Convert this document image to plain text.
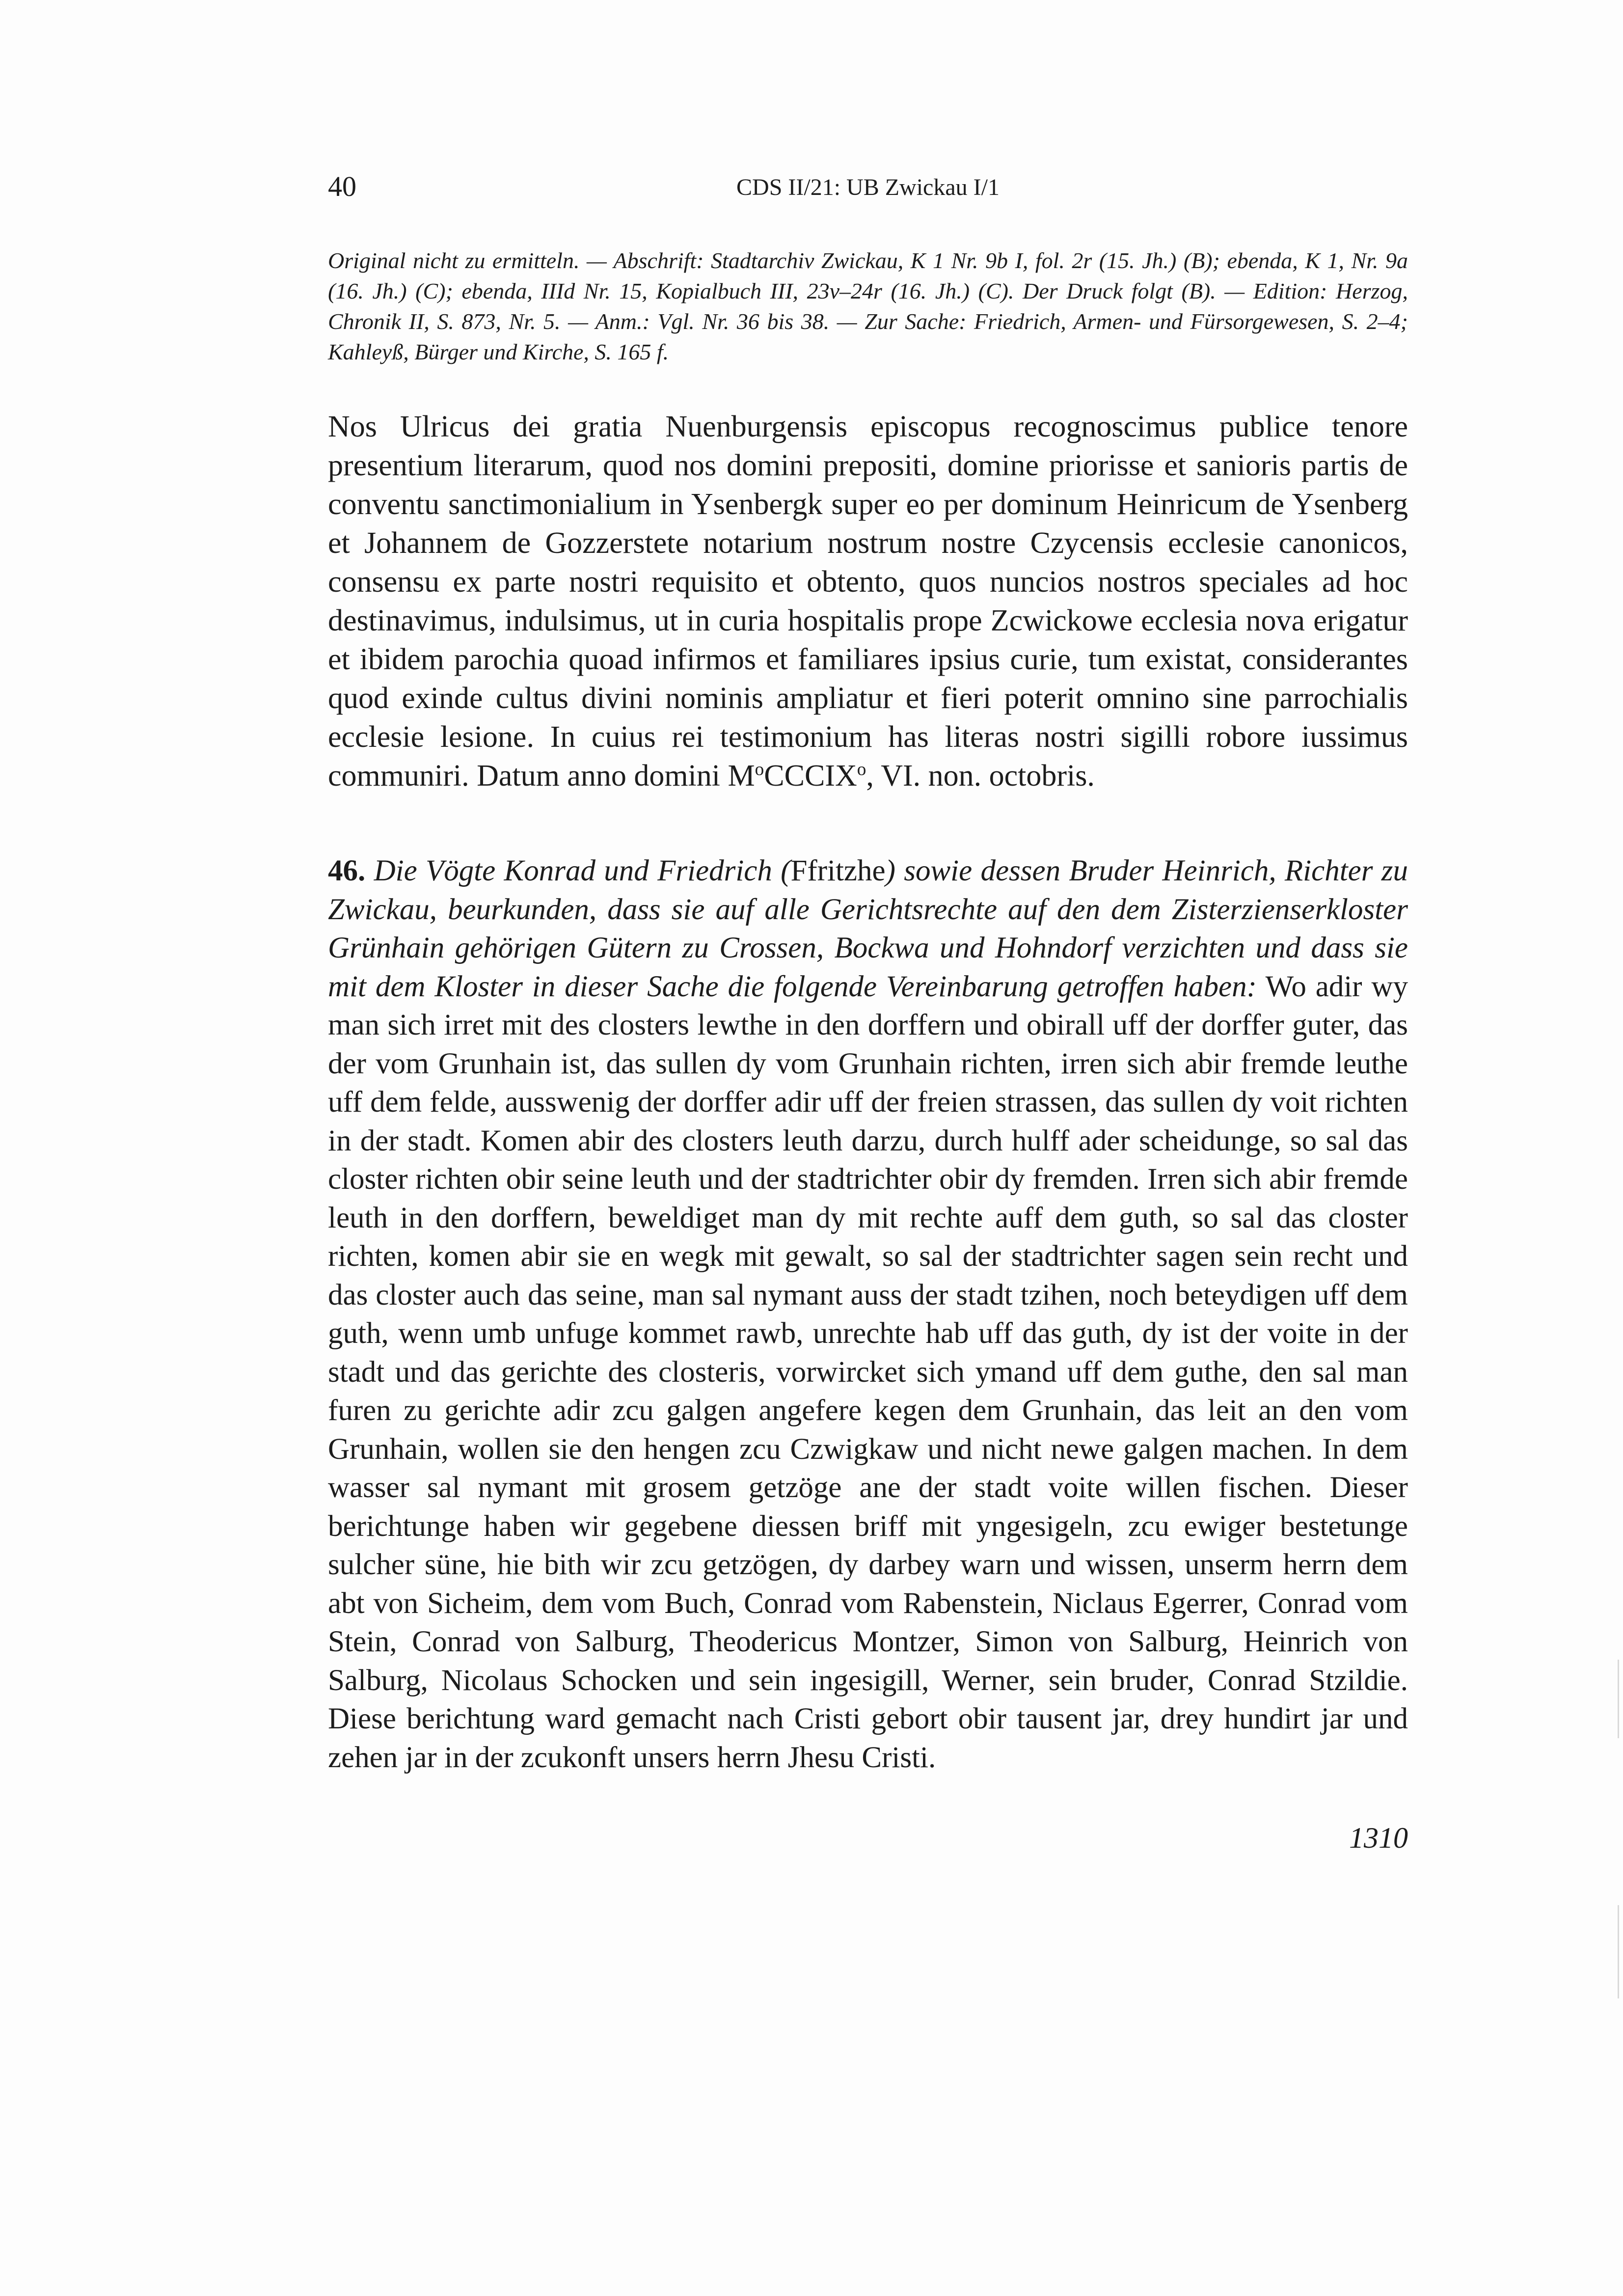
40	CDS II/21: UB Zwickau I/1

Original nicht zu ermitteln. — Abschrift: Stadtarchiv Zwickau, K 1 Nr. 9b I, fol. 2r (15. Jh.) (B); ebenda, K 1, Nr. 9a (16. Jh.) (C); ebenda, IIId Nr. 15, Kopialbuch III, 23v–24r (16. Jh.) (C). Der Druck folgt (B). — Edition: Herzog, Chronik II, S. 873, Nr. 5. — Anm.: Vgl. Nr. 36 bis 38. — Zur Sache: Friedrich, Armen- und Fürsorgewesen, S. 2–4; Kahleyß, Bürger und Kirche, S. 165 f.

Nos Ulricus dei gratia Nuenburgensis episcopus recognoscimus publice tenore presentium literarum, quod nos domini prepositi, domine priorisse et sanioris partis de conventu sanctimonialium in Ysenbergk super eo per dominum Heinricum de Ysenberg et Johannem de Gozzerstete notarium nostrum nostre Czycensis ecclesie canonicos, consensu ex parte nostri requisito et obtento, quos nuncios nostros speciales ad hoc destinavimus, indulsimus, ut in curia hospitalis prope Zcwickowe ecclesia nova erigatur et ibidem parochia quoad infirmos et familiares ipsius curie, tum existat, considerantes quod exinde cultus divini nominis ampliatur et fieri poterit omnino sine parrochialis ecclesie lesione. In cuius rei testimonium has literas nostri sigilli robore iussimus communiri. Datum anno domini $M^oCCCIX^o$, VI. non. octobris.

46. Die Vögte Konrad und Friedrich (Ffritzhe) sowie dessen Bruder Heinrich, Richter zu Zwickau, beurkunden, dass sie auf alle Gerichtsrechte auf den dem Zisterzienserkloster Grünhain gehörigen Gütern zu Crossen, Bockwa und Hohndorf verzichten und dass sie mit dem Kloster in dieser Sache die folgende Vereinbarung getroffen haben: Wo adir wy man sich irret mit des closters lewthe in den dorffern und obirall uff der dorffer guter, das der vom Grunhain ist, das sullen dy vom Grunhain richten, irren sich abir fremde leuthe uff dem felde, ausswenig der dorffer adir uff der freien strassen, das sullen dy voit richten in der stadt. Komen abir des closters leuth darzu, durch hulff ader scheidunge, so sal das closter richten obir seine leuth und der stadtrichter obir dy fremden. Irren sich abir fremde leuth in den dorffern, beweldiget man dy mit rechte auff dem guth, so sal das closter richten, komen abir sie en wegk mit gewalt, so sal der stadtrichter sagen sein recht und das closter auch das seine, man sal nymant auss der stadt tzihen, noch beteydigen uff dem guth, wenn umb unfuge kommet rawb, unrechte hab uff das guth, dy ist der voite in der stadt und das gerichte des closteris, vorwircket sich ymand uff dem guthe, den sal man furen zu gerichte adir zcu galgen angefere kegen dem Grunhain, das leit an den vom Grunhain, wollen sie den hengen zcu Czwigkaw und nicht newe galgen machen. In dem wasser sal nymant mit grosem getzöge ane der stadt voite willen fischen. Dieser berichtunge haben wir gegebene diessen briff mit yngesigeln, zcu ewiger bestetunge sulcher süne, hie bith wir zcu getzögen, dy darbey warn und wissen, unserm herrn dem abt von Sicheim, dem vom Buch, Conrad vom Rabenstein, Niclaus Egerrer, Conrad vom Stein, Conrad von Salburg, Theodericus Montzer, Simon von Salburg, Heinrich von Salburg, Nicolaus Schocken und sein ingesigill, Werner, sein bruder, Conrad Stzildie. Diese berichtung ward gemacht nach Cristi gebort obir tausent jar, drey hundirt jar und zehen jar in der zcukonft unsers herrn Jhesu Cristi.

1310
